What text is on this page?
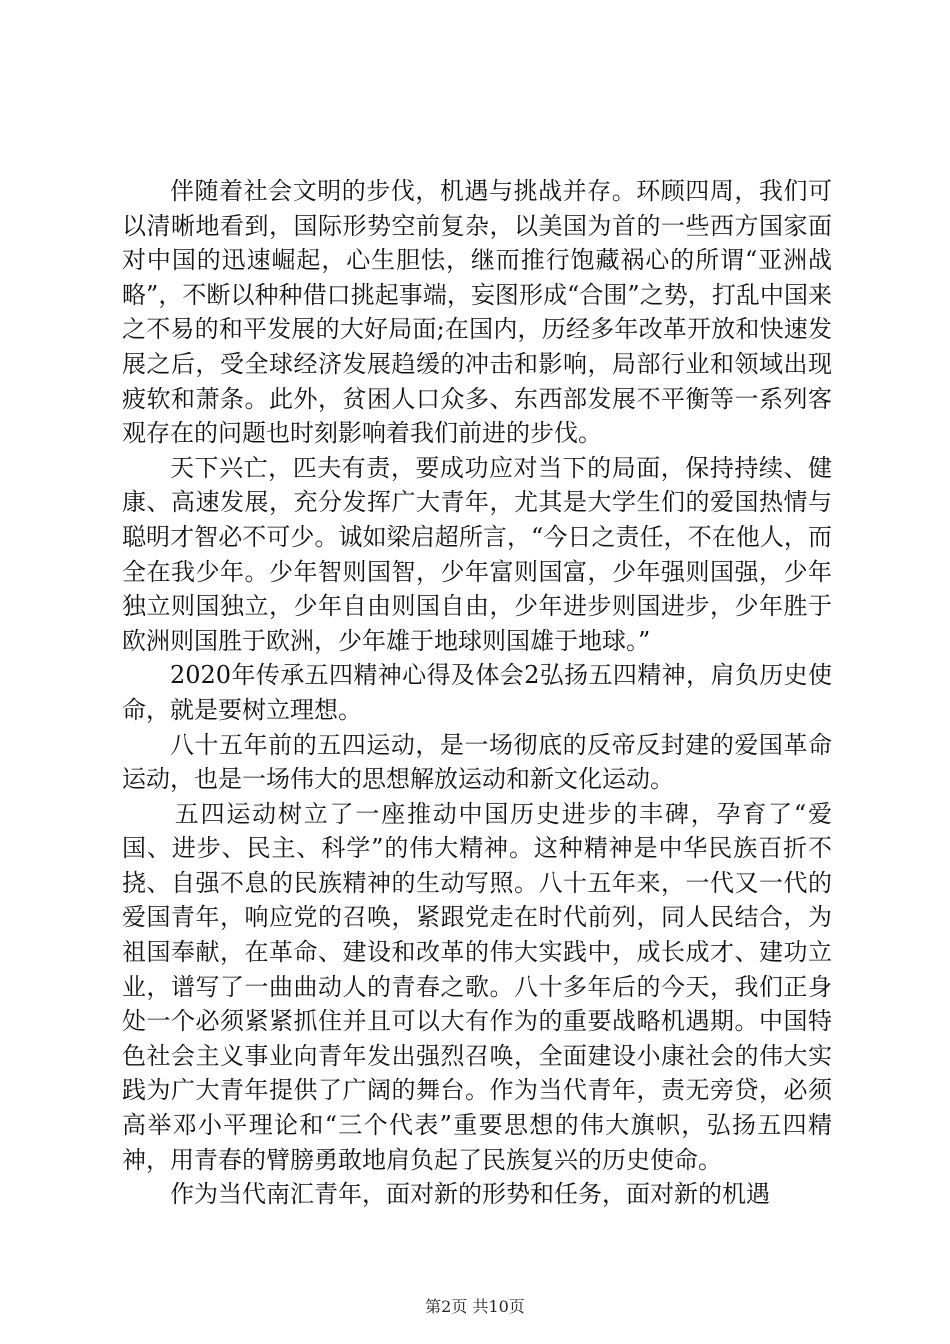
伴随着社会文明的步伐，机遇与挑战并存。环顾四周，我们可以清晰地看到，国际形势空前复杂，以美国为首的一些西方国家面对中国的迅速崛起，心生胆怯，继而推行饱藏祸心的所谓“亚洲战略”，不断以种种借口挑起事端，妄图形成“合围”之势，打乱中国来之不易的和平发展的大好局面;在国内，历经多年改革开放和快速发展之后，受全球经济发展趋缓的冲击和影响，局部行业和领域出现疲软和萧条。此外，贫困人口众多、东西部发展不平衡等一系列客观存在的问题也时刻影响着我们前进的步伐。

天下兴亡，匹夫有责，要成功应对当下的局面，保持持续、健康、高速发展，充分发挥广大青年，尤其是大学生们的爱国热情与聪明才智必不可少。诚如梁启超所言，“今日之责任，不在他人，而全在我少年。少年智则国智，少年富则国富，少年强则国强，少年独立则国独立，少年自由则国自由，少年进步则国进步，少年胜于欧洲则国胜于欧洲，少年雄于地球则国雄于地球。”

2020年传承五四精神心得及体会2弘扬五四精神，肩负历史使命，就是要树立理想。

八十五年前的五四运动，是一场彻底的反帝反封建的爱国革命运动，也是一场伟大的思想解放运动和新文化运动。

五四运动树立了一座推动中国历史进步的丰碑，孕育了“爱国、进步、民主、科学”的伟大精神。这种精神是中华民族百折不挠、自强不息的民族精神的生动写照。八十五年来，一代又一代的爱国青年，响应党的召唤，紧跟党走在时代前列，同人民结合，为祖国奉献，在革命、建设和改革的伟大实践中，成长成才、建功立业，谱写了一曲曲动人的青春之歌。八十多年后的今天，我们正身处一个必须紧紧抓住并且可以大有作为的重要战略机遇期。中国特色社会主义事业向青年发出强烈召唤，全面建设小康社会的伟大实践为广大青年提供了广阔的舞台。作为当代青年，责无旁贷，必须高举邓小平理论和“三个代表”重要思想的伟大旗帜，弘扬五四精神，用青春的臂膀勇敢地肩负起了民族复兴的历史使命。

作为当代南汇青年，面对新的形势和任务，面对新的机遇

第2页 共10页
